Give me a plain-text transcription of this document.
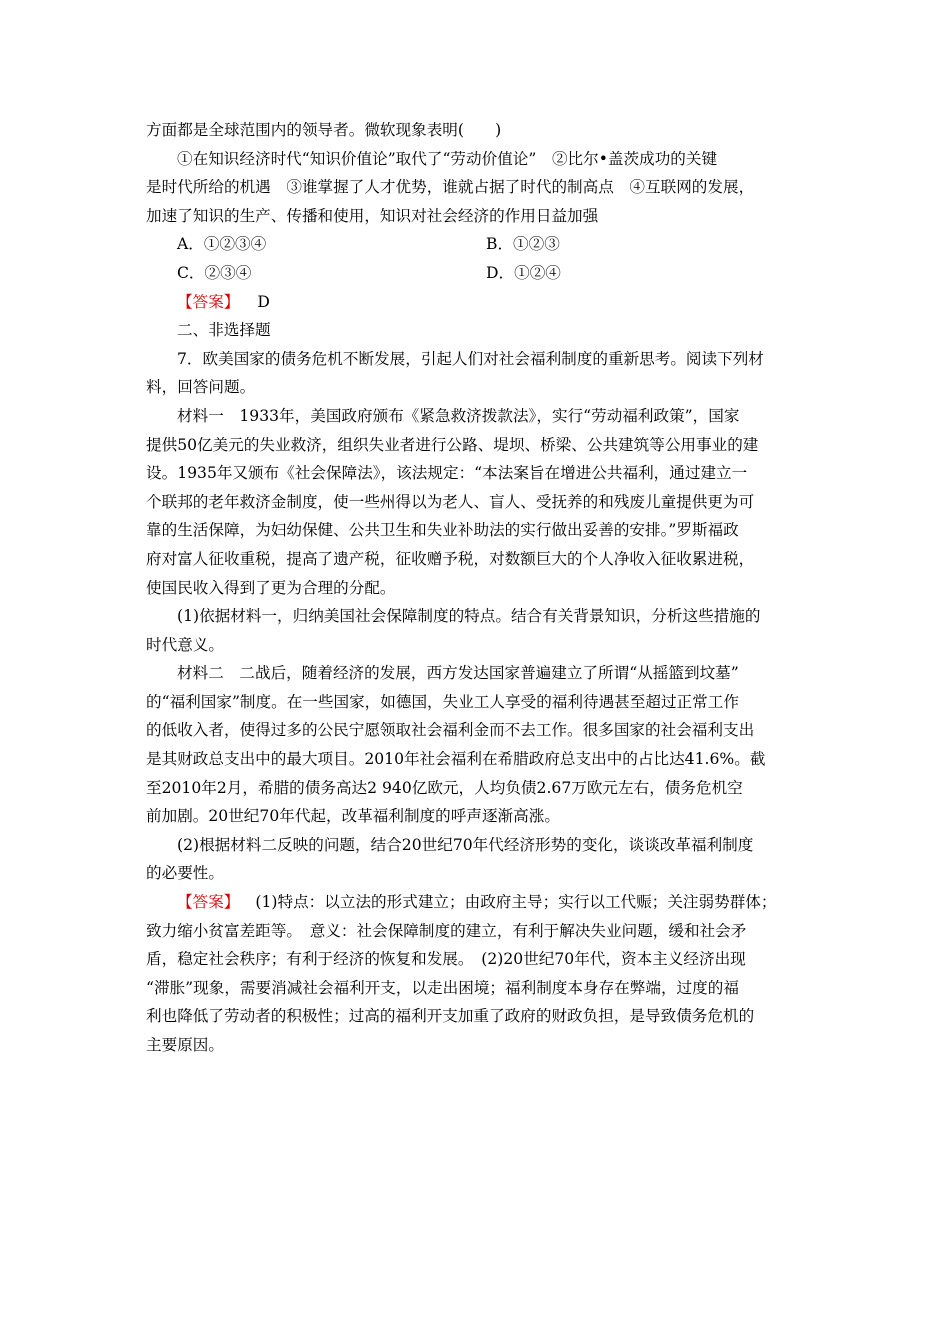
方面都是全球范围内的领导者。微软现象表明(　　)
①在知识经济时代“知识价值论”取代了“劳动价值论”　②比尔•盖茨成功的关键
是时代所给的机遇　③谁掌握了人才优势，谁就占据了时代的制高点　④互联网的发展，
加速了知识的生产、传播和使用，知识对社会经济的作用日益加强
A．①②③④	B．①②③
C．②③④	D．①②④
【答案】 D
二、非选择题
7．欧美国家的债务危机不断发展，引起人们对社会福利制度的重新思考。阅读下列材
料，回答问题。
材料一　1933年，美国政府颁布《紧急救济拨款法》，实行“劳动福利政策”，国家
提供50亿美元的失业救济，组织失业者进行公路、堤坝、桥梁、公共建筑等公用事业的建
设。1935年又颁布《社会保障法》，该法规定：“本法案旨在增进公共福利，通过建立一
个联邦的老年救济金制度，使一些州得以为老人、盲人、受抚养的和残废儿童提供更为可
靠的生活保障，为妇幼保健、公共卫生和失业补助法的实行做出妥善的安排。”罗斯福政
府对富人征收重税，提高了遗产税，征收赠予税，对数额巨大的个人净收入征收累进税，
使国民收入得到了更为合理的分配。
(1)依据材料一，归纳美国社会保障制度的特点。结合有关背景知识，分析这些措施的
时代意义。
材料二　二战后，随着经济的发展，西方发达国家普遍建立了所谓“从摇篮到坟墓”
的“福利国家”制度。在一些国家，如德国，失业工人享受的福利待遇甚至超过正常工作
的低收入者，使得过多的公民宁愿领取社会福利金而不去工作。很多国家的社会福利支出
是其财政总支出中的最大项目。2010年社会福利在希腊政府总支出中的占比达41.6%。截
至2010年2月，希腊的债务高达2 940亿欧元，人均负债2.67万欧元左右，债务危机空
前加剧。20世纪70年代起，改革福利制度的呼声逐渐高涨。
(2)根据材料二反映的问题，结合20世纪70年代经济形势的变化，谈谈改革福利制度
的必要性。
【答案】 (1)特点：以立法的形式建立；由政府主导；实行以工代赈；关注弱势群体；
致力缩小贫富差距等。　意义：社会保障制度的建立，有利于解决失业问题，缓和社会矛
盾，稳定社会秩序；有利于经济的恢复和发展。　(2)20世纪70年代，资本主义经济出现
“滞胀”现象，需要消减社会福利开支，以走出困境；福利制度本身存在弊端，过度的福
利也降低了劳动者的积极性；过高的福利开支加重了政府的财政负担，是导致债务危机的
主要原因。
